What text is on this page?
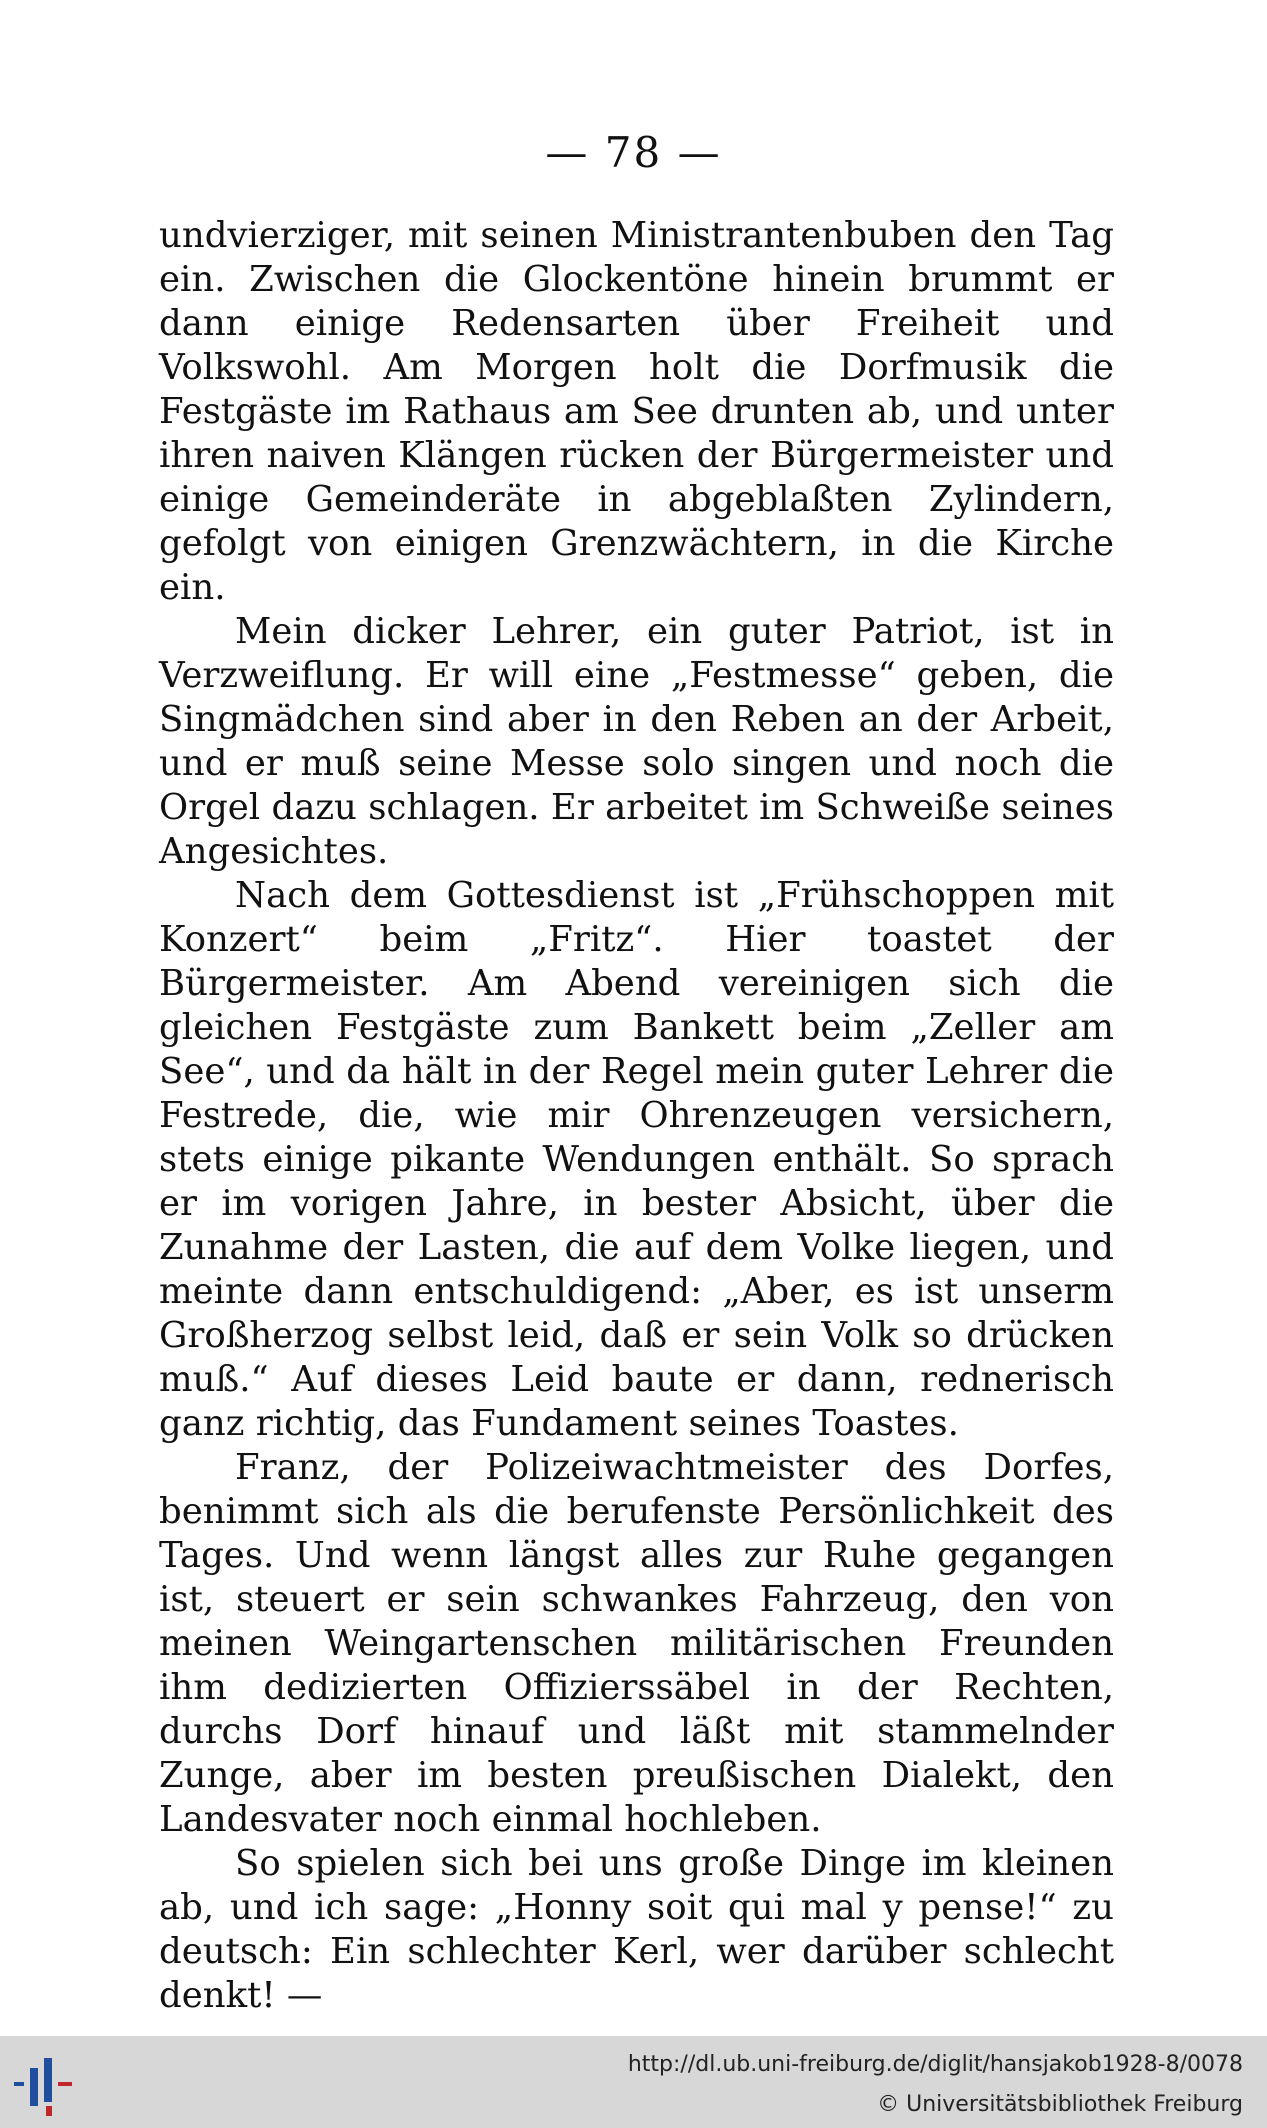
— 78 —

undvierziger, mit seinen Ministrantenbuben den Tag ein. Zwischen die Glockentöne hinein brummt er dann einige Redensarten über Freiheit und Volkswohl. Am Morgen holt die Dorfmusik die Festgäste im Rathaus am See drunten ab, und unter ihren naiven Klängen rücken der Bürgermeister und einige Gemeinderäte in abgeblaßten Zylindern, gefolgt von einigen Grenzwächtern, in die Kirche ein.

Mein dicker Lehrer, ein guter Patriot, ist in Verzweiflung. Er will eine „Festmesse“ geben, die Singmädchen sind aber in den Reben an der Arbeit, und er muß seine Messe solo singen und noch die Orgel dazu schlagen. Er arbeitet im Schweiße seines Angesichtes.

Nach dem Gottesdienst ist „Frühschoppen mit Konzert“ beim „Fritz“. Hier toastet der Bürgermeister. Am Abend vereinigen sich die gleichen Festgäste zum Bankett beim „Zeller am See“, und da hält in der Regel mein guter Lehrer die Festrede, die, wie mir Ohrenzeugen versichern, stets einige pikante Wendungen enthält. So sprach er im vorigen Jahre, in bester Absicht, über die Zunahme der Lasten, die auf dem Volke liegen, und meinte dann entschuldigend: „Aber, es ist unserm Großherzog selbst leid, daß er sein Volk so drücken muß.“ Auf dieses Leid baute er dann, rednerisch ganz richtig, das Fundament seines Toastes.

Franz, der Polizeiwachtmeister des Dorfes, benimmt sich als die berufenste Persönlichkeit des Tages. Und wenn längst alles zur Ruhe gegangen ist, steuert er sein schwankes Fahrzeug, den von meinen Weingartenschen militärischen Freunden ihm dedizierten Offizierssäbel in der Rechten, durchs Dorf hinauf und läßt mit stammelnder Zunge, aber im besten preußischen Dialekt, den Landesvater noch einmal hochleben.

So spielen sich bei uns große Dinge im kleinen ab, und ich sage: „Honny soit qui mal y pense!“ zu deutsch: Ein schlechter Kerl, wer darüber schlecht denkt! —

http://dl.ub.uni-freiburg.de/diglit/hansjakob1928-8/0078
© Universitätsbibliothek Freiburg
